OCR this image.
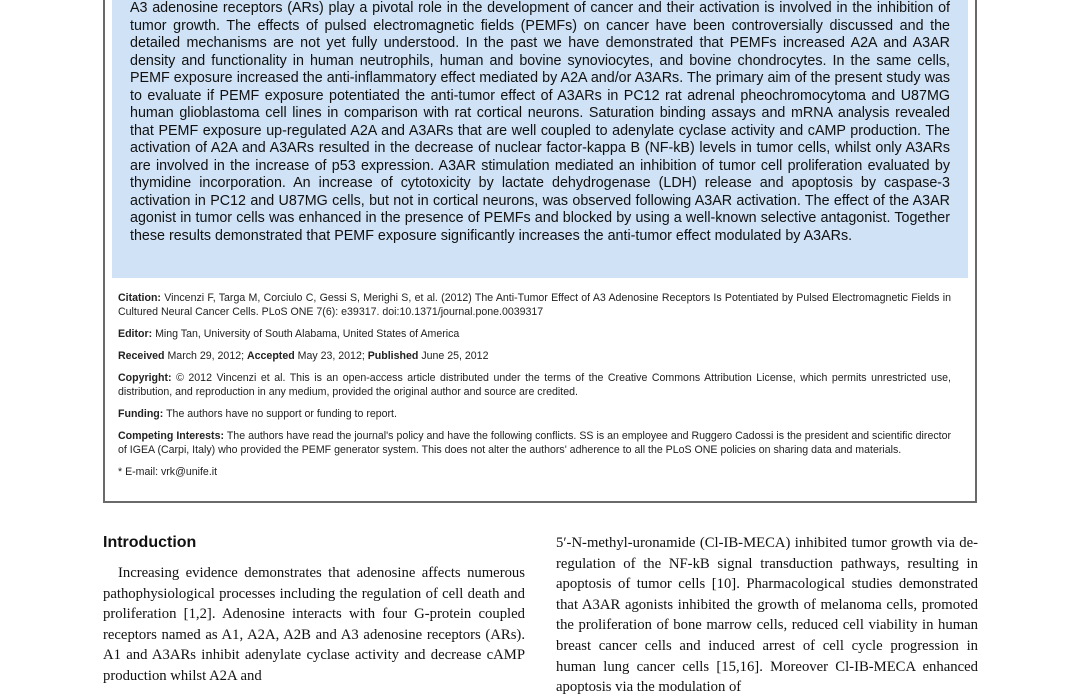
A3 adenosine receptors (ARs) play a pivotal role in the development of cancer and their activation is involved in the inhibition of tumor growth. The effects of pulsed electromagnetic fields (PEMFs) on cancer have been controversially discussed and the detailed mechanisms are not yet fully understood. In the past we have demonstrated that PEMFs increased A2A and A3AR density and functionality in human neutrophils, human and bovine synoviocytes, and bovine chondrocytes. In the same cells, PEMF exposure increased the anti-inflammatory effect mediated by A2A and/or A3ARs. The primary aim of the present study was to evaluate if PEMF exposure potentiated the anti-tumor effect of A3ARs in PC12 rat adrenal pheochromocytoma and U87MG human glioblastoma cell lines in comparison with rat cortical neurons. Saturation binding assays and mRNA analysis revealed that PEMF exposure up-regulated A2A and A3ARs that are well coupled to adenylate cyclase activity and cAMP production. The activation of A2A and A3ARs resulted in the decrease of nuclear factor-kappa B (NF-kB) levels in tumor cells, whilst only A3ARs are involved in the increase of p53 expression. A3AR stimulation mediated an inhibition of tumor cell proliferation evaluated by thymidine incorporation. An increase of cytotoxicity by lactate dehydrogenase (LDH) release and apoptosis by caspase-3 activation in PC12 and U87MG cells, but not in cortical neurons, was observed following A3AR activation. The effect of the A3AR agonist in tumor cells was enhanced in the presence of PEMFs and blocked by using a well-known selective antagonist. Together these results demonstrated that PEMF exposure significantly increases the anti-tumor effect modulated by A3ARs.

Citation: Vincenzi F, Targa M, Corciulo C, Gessi S, Merighi S, et al. (2012) The Anti-Tumor Effect of A3 Adenosine Receptors Is Potentiated by Pulsed Electromagnetic Fields in Cultured Neural Cancer Cells. PLoS ONE 7(6): e39317. doi:10.1371/journal.pone.0039317

Editor: Ming Tan, University of South Alabama, United States of America

Received March 29, 2012; Accepted May 23, 2012; Published June 25, 2012

Copyright: © 2012 Vincenzi et al. This is an open-access article distributed under the terms of the Creative Commons Attribution License, which permits unrestricted use, distribution, and reproduction in any medium, provided the original author and source are credited.

Funding: The authors have no support or funding to report.

Competing Interests: The authors have read the journal's policy and have the following conflicts. SS is an employee and Ruggero Cadossi is the president and scientific director of IGEA (Carpi, Italy) who provided the PEMF generator system. This does not alter the authors' adherence to all the PLoS ONE policies on sharing data and materials.

* E-mail: vrk@unife.it

Introduction

Increasing evidence demonstrates that adenosine affects numerous pathophysiological processes including the regulation of cell death and proliferation [1,2]. Adenosine interacts with four G-protein coupled receptors named as A1, A2A, A2B and A3 adenosine receptors (ARs). A1 and A3ARs inhibit adenylate cyclase activity and decrease cAMP production whilst A2A and

5′-N-methyl-uronamide (Cl-IB-MECA) inhibited tumor growth via de-regulation of the NF-kB signal transduction pathways, resulting in apoptosis of tumor cells [10]. Pharmacological studies demonstrated that A3AR agonists inhibited the growth of melanoma cells, promoted the proliferation of bone marrow cells, reduced cell viability in human breast cancer cells and induced arrest of cell cycle progression in human lung cancer cells [15,16]. Moreover Cl-IB-MECA enhanced apoptosis via the modulation of
